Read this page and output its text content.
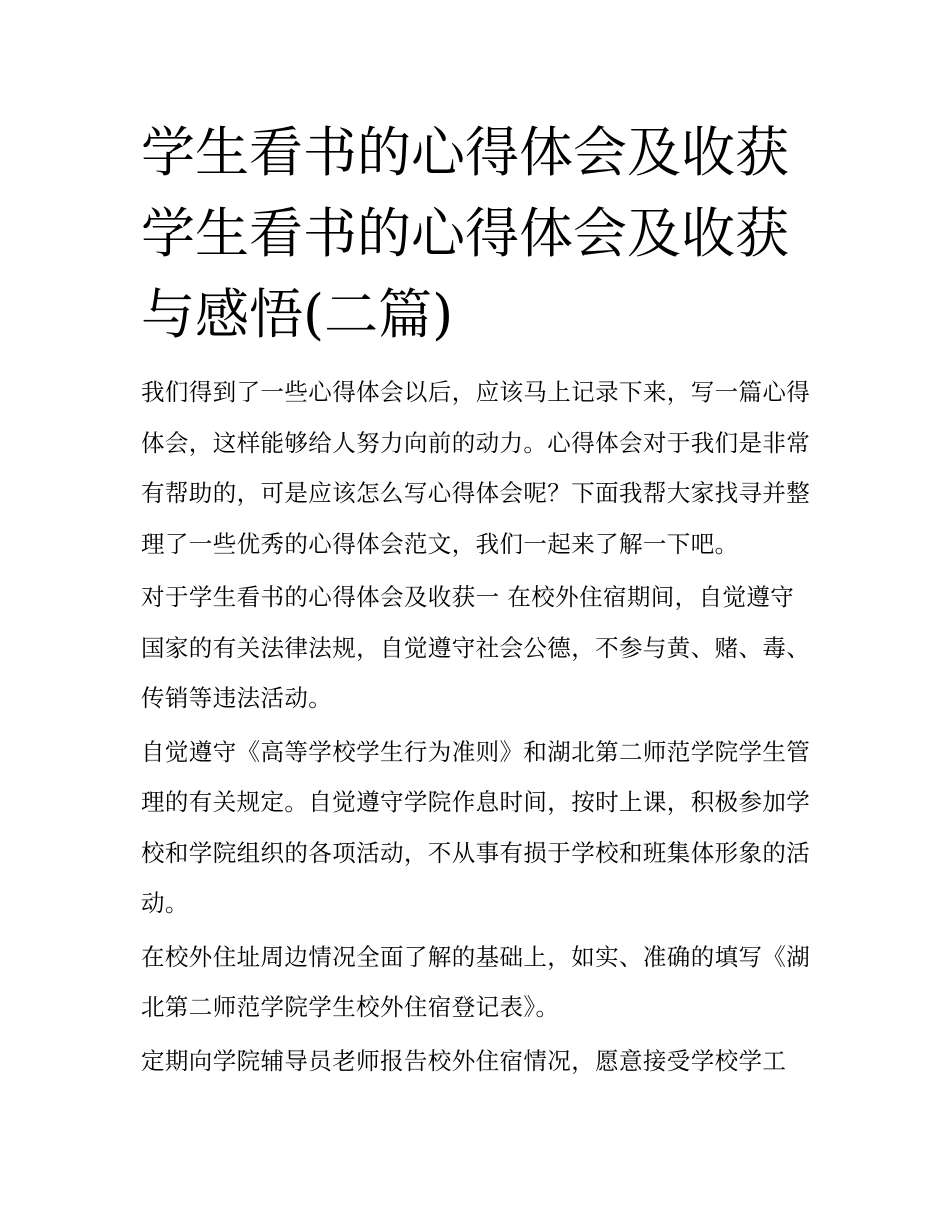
学生看书的心得体会及收获 学生看书的心得体会及收获与感悟(二篇)

我们得到了一些心得体会以后，应该马上记录下来，写一篇心得体会，这样能够给人努力向前的动力。心得体会对于我们是非常有帮助的，可是应该怎么写心得体会呢？下面我帮大家找寻并整理了一些优秀的心得体会范文，我们一起来了解一下吧。

对于学生看书的心得体会及收获一 在校外住宿期间，自觉遵守国家的有关法律法规，自觉遵守社会公德，不参与黄、赌、毒、传销等违法活动。

自觉遵守《高等学校学生行为准则》和湖北第二师范学院学生管理的有关规定。自觉遵守学院作息时间，按时上课，积极参加学校和学院组织的各项活动，不从事有损于学校和班集体形象的活动。

在校外住址周边情况全面了解的基础上，如实、准确的填写《湖北第二师范学院学生校外住宿登记表》。

定期向学院辅导员老师报告校外住宿情况，愿意接受学校学工
